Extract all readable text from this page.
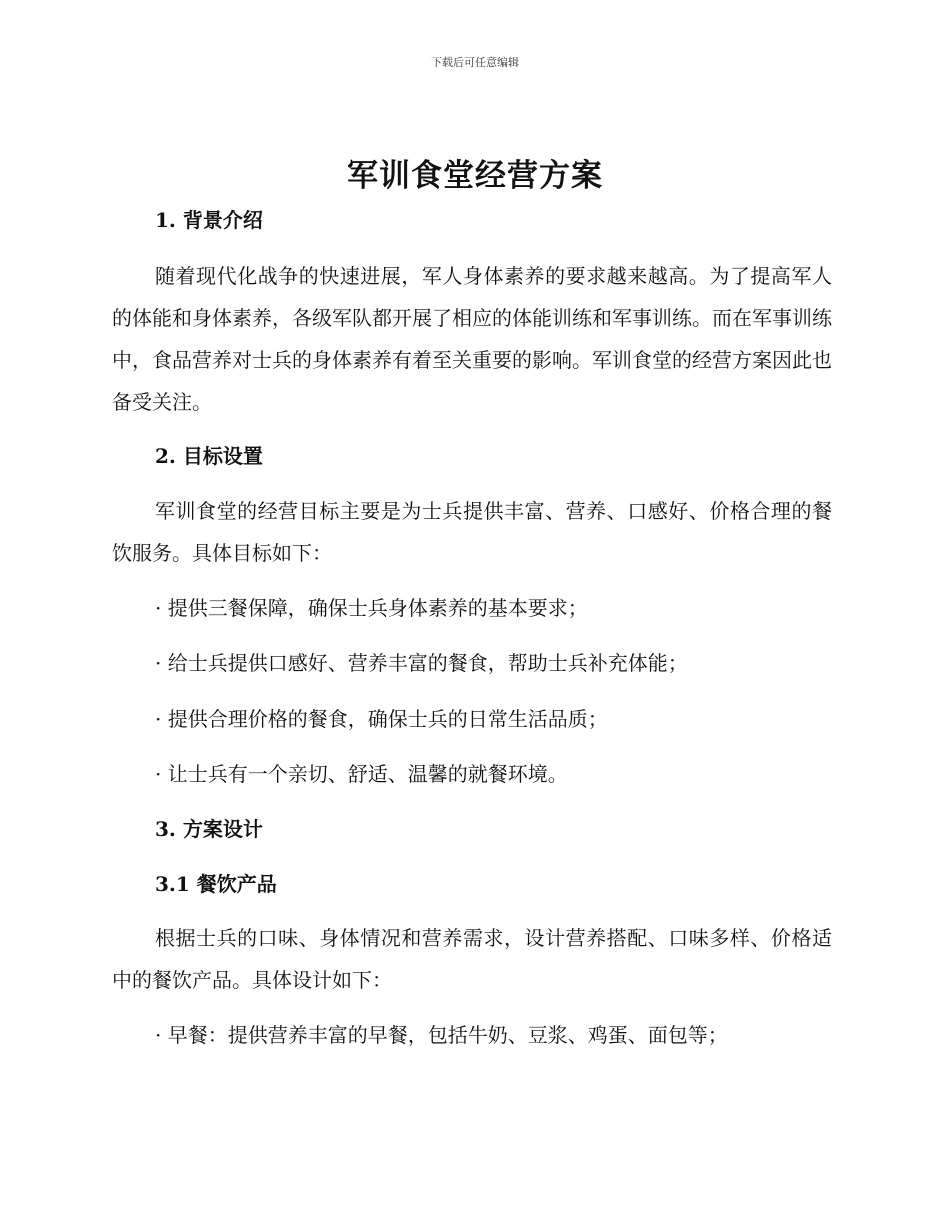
下载后可任意编辑
军训食堂经营方案
1. 背景介绍

随着现代化战争的快速进展，军人身体素养的要求越来越高。为了提高军人的体能和身体素养，各级军队都开展了相应的体能训练和军事训练。而在军事训练中，食品营养对士兵的身体素养有着至关重要的影响。军训食堂的经营方案因此也备受关注。

2. 目标设置

军训食堂的经营目标主要是为士兵提供丰富、营养、口感好、价格合理的餐饮服务。具体目标如下：

· 提供三餐保障，确保士兵身体素养的基本要求；
· 给士兵提供口感好、营养丰富的餐食，帮助士兵补充体能；
· 提供合理价格的餐食，确保士兵的日常生活品质；
· 让士兵有一个亲切、舒适、温馨的就餐环境。
3. 方案设计
3.1 餐饮产品

根据士兵的口味、身体情况和营养需求，设计营养搭配、口味多样、价格适中的餐饮产品。具体设计如下：

· 早餐：提供营养丰富的早餐，包括牛奶、豆浆、鸡蛋、面包等；
